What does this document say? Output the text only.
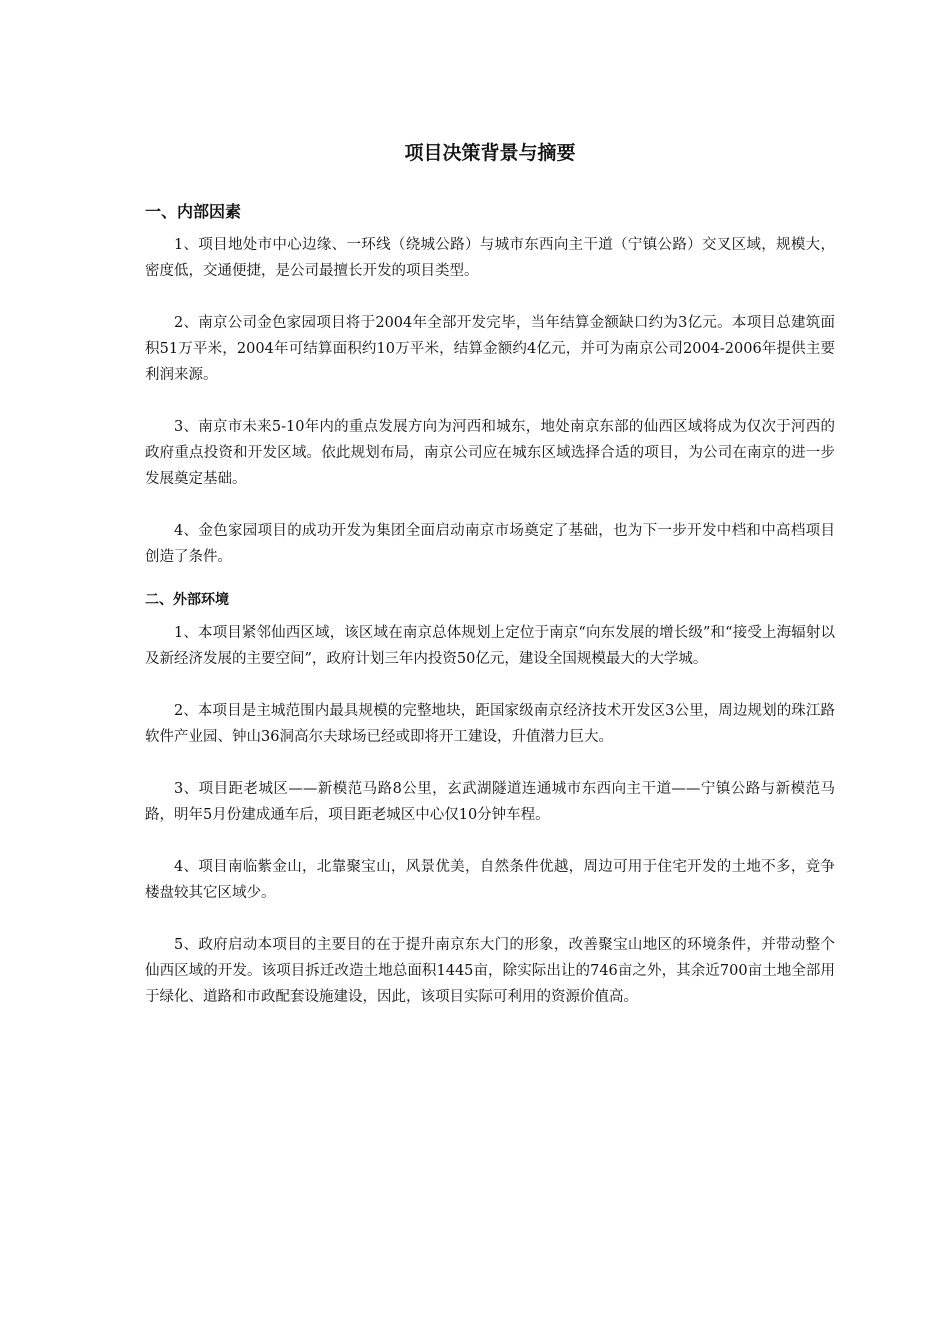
项目决策背景与摘要
一、内部因素

1、项目地处市中心边缘、一环线（绕城公路）与城市东西向主干道（宁镇公路）交叉区域，规模大，密度低，交通便捷，是公司最擅长开发的项目类型。

2、南京公司金色家园项目将于2004年全部开发完毕，当年结算金额缺口约为3亿元。本项目总建筑面积51万平米，2004年可结算面积约10万平米，结算金额约4亿元，并可为南京公司2004-2006年提供主要利润来源。

3、南京市未来5-10年内的重点发展方向为河西和城东，地处南京东部的仙西区域将成为仅次于河西的政府重点投资和开发区域。依此规划布局，南京公司应在城东区域选择合适的项目，为公司在南京的进一步发展奠定基础。

4、金色家园项目的成功开发为集团全面启动南京市场奠定了基础，也为下一步开发中档和中高档项目创造了条件。

二、外部环境

1、本项目紧邻仙西区域，该区域在南京总体规划上定位于南京“向东发展的增长级”和“接受上海辐射以及新经济发展的主要空间”，政府计划三年内投资50亿元，建设全国规模最大的大学城。

2、本项目是主城范围内最具规模的完整地块，距国家级南京经济技术开发区3公里，周边规划的珠江路软件产业园、钟山36洞高尔夫球场已经或即将开工建设，升值潜力巨大。

3、项目距老城区——新模范马路8公里，玄武湖隧道连通城市东西向主干道——宁镇公路与新模范马路，明年5月份建成通车后，项目距老城区中心仅10分钟车程。

4、项目南临紫金山，北靠聚宝山，风景优美，自然条件优越，周边可用于住宅开发的土地不多，竞争楼盘较其它区域少。

5、政府启动本项目的主要目的在于提升南京东大门的形象，改善聚宝山地区的环境条件，并带动整个仙西区域的开发。该项目拆迁改造土地总面积1445亩，除实际出让的746亩之外，其余近700亩土地全部用于绿化、道路和市政配套设施建设，因此，该项目实际可利用的资源价值高。
